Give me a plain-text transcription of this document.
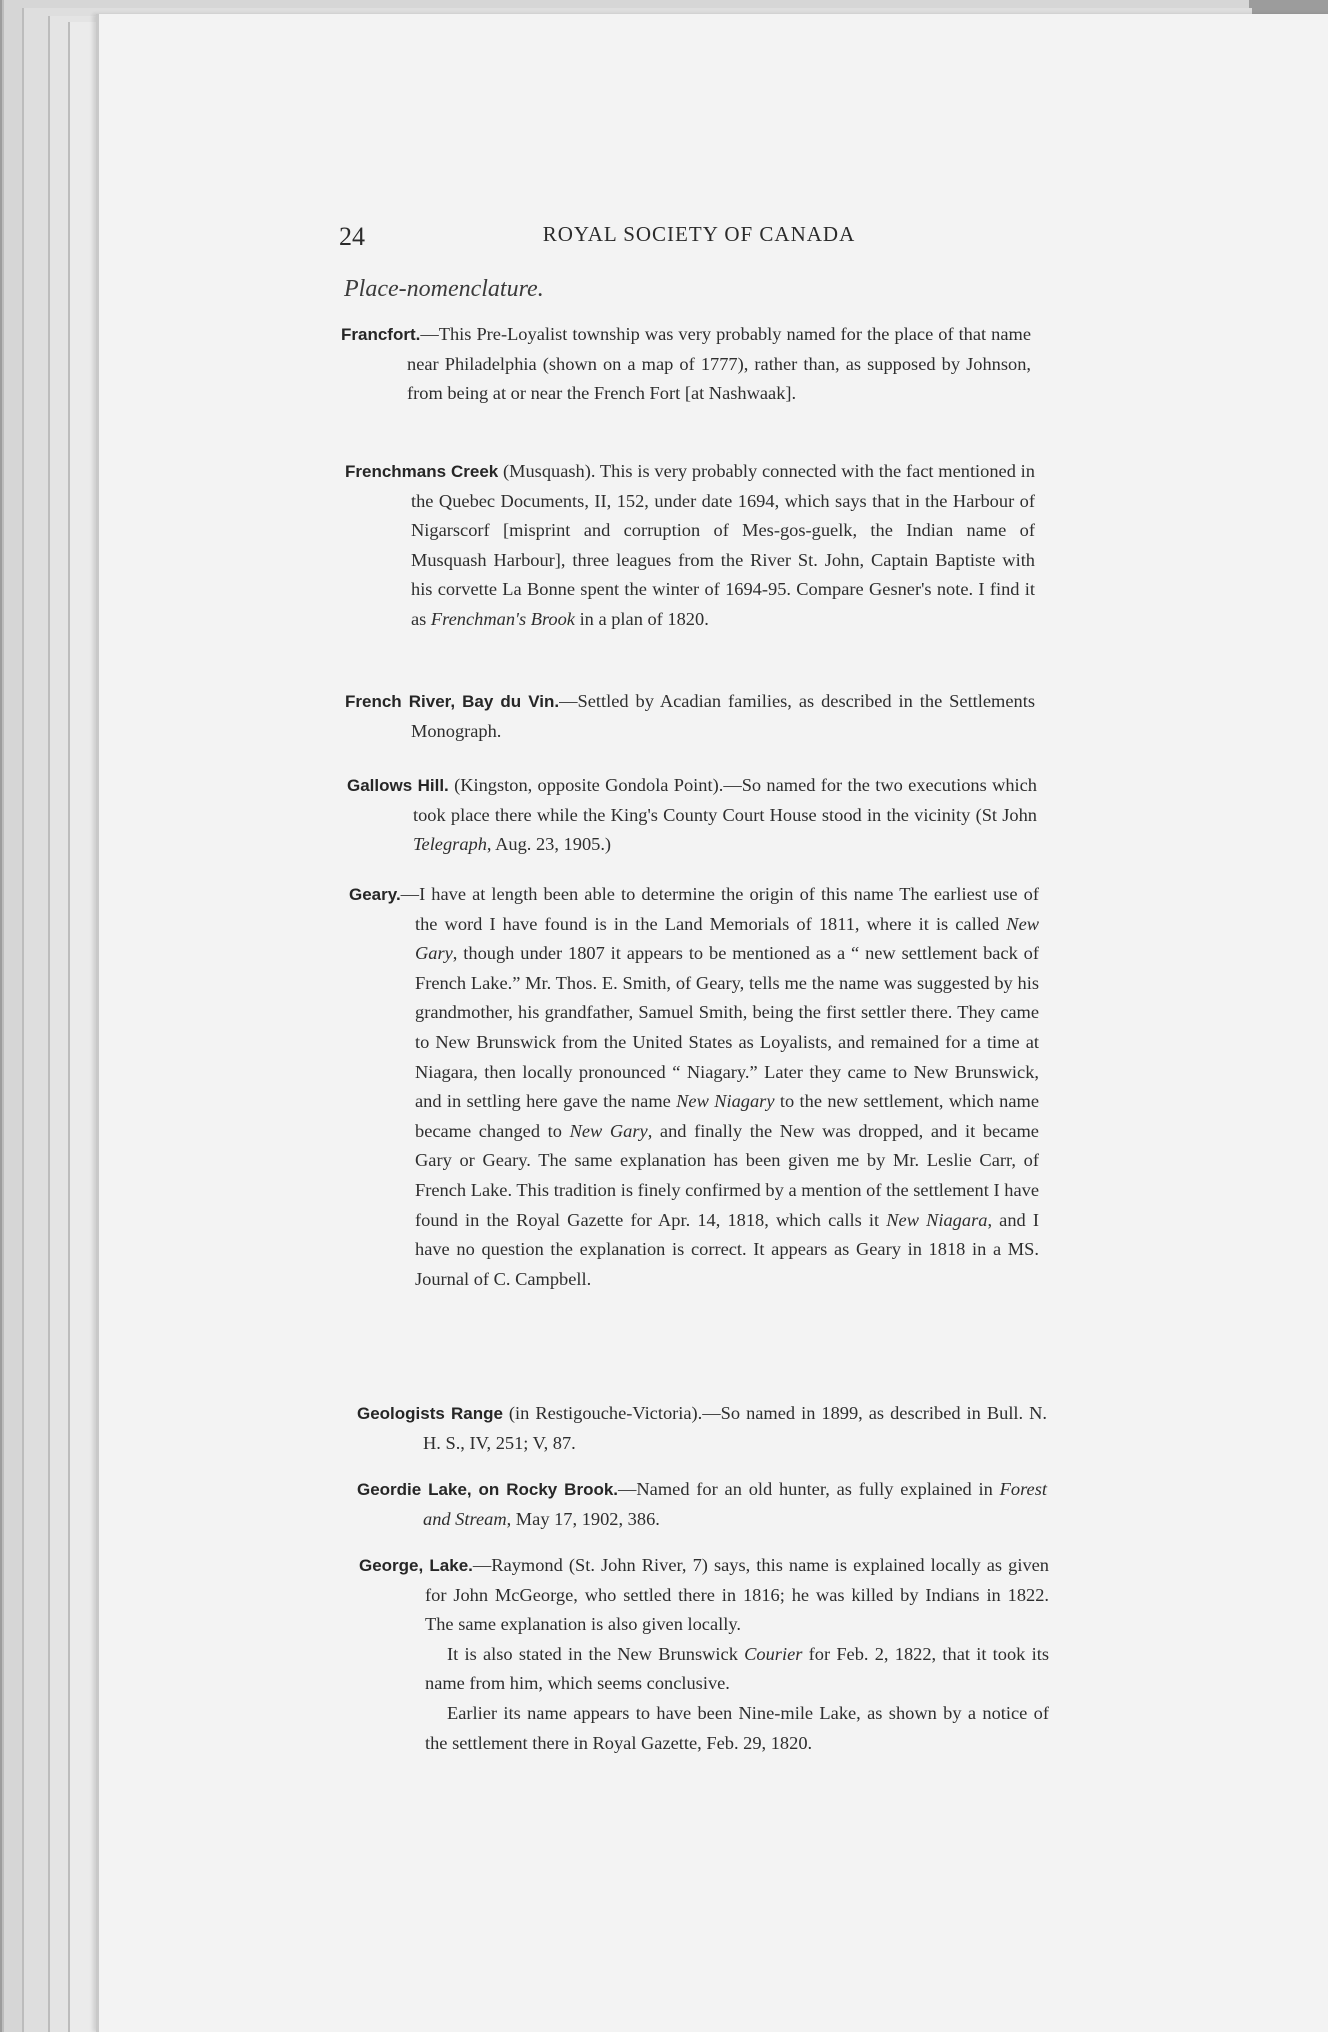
24	ROYAL SOCIETY OF CANADA
Place-nomenclature.

Francfort.—This Pre-Loyalist township was very probably named for the place of that name near Philadelphia (shown on a map of 1777), rather than, as supposed by Johnson, from being at or near the French Fort [at Nashwaak].

Frenchmans Creek (Musquash). This is very probably connected with the fact mentioned in the Quebec Documents, II, 152, under date 1694, which says that in the Harbour of Nigarscorf [misprint and corruption of Mes-gos-guelk, the Indian name of Musquash Harbour], three leagues from the River St. John, Captain Baptiste with his corvette La Bonne spent the winter of 1694-95. Compare Gesner's note. I find it as Frenchman's Brook in a plan of 1820.

French River, Bay du Vin.—Settled by Acadian families, as described in the Settlements Monograph.

Gallows Hill. (Kingston, opposite Gondola Point).—So named for the two executions which took place there while the King's County Court House stood in the vicinity (St John Telegraph, Aug. 23, 1905.)

Geary.—I have at length been able to determine the origin of this name The earliest use of the word I have found is in the Land Memorials of 1811, where it is called New Gary, though under 1807 it appears to be mentioned as a “ new settlement back of French Lake.” Mr. Thos. E. Smith, of Geary, tells me the name was suggested by his grandmother, his grandfather, Samuel Smith, being the first settler there. They came to New Brunswick from the United States as Loyalists, and remained for a time at Niagara, then locally pronounced “ Niagary.” Later they came to New Brunswick, and in settling here gave the name New Niagary to the new settlement, which name became changed to New Gary, and finally the New was dropped, and it became Gary or Geary. The same explanation has been given me by Mr. Leslie Carr, of French Lake. This tradition is finely confirmed by a mention of the settlement I have found in the Royal Gazette for Apr. 14, 1818, which calls it New Niagara, and I have no question the explanation is correct. It appears as Geary in 1818 in a MS. Journal of C. Campbell.

Geologists Range (in Restigouche-Victoria).—So named in 1899, as described in Bull. N. H. S., IV, 251; V, 87.

Geordie Lake, on Rocky Brook.—Named for an old hunter, as fully explained in Forest and Stream, May 17, 1902, 386.

George, Lake.—Raymond (St. John River, 7) says, this name is explained locally as given for John McGeorge, who settled there in 1816; he was killed by Indians in 1822. The same explanation is also given locally.

It is also stated in the New Brunswick Courier for Feb. 2, 1822, that it took its name from him, which seems conclusive.

Earlier its name appears to have been Nine-mile Lake, as shown by a notice of the settlement there in Royal Gazette, Feb. 29, 1820.
